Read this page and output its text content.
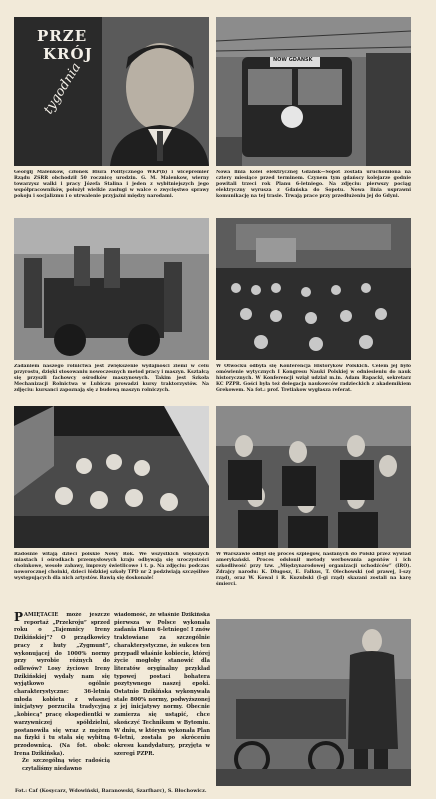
PRZE
KRÓJ
tygodnia
NOW GDANSK
Georgij Malenkow, członek Biura Politycznego WKP(b) i wicepremier Rządu ZSRR obchodził 50 rocznicę urodzin. G. M. Malenkow, wierny towarzysz walki i pracy Józefa Stalina i jeden z wybitniejszych jego współpracowników, położył wielkie zasługi w walce o zwycięstwo sprawy pokoju i socjalizmu i o utrwalenie przyjaźni między narodami.
Nowa linia kolei elektrycznej Gdańsk—Sopot została uruchomiona na cztery miesiące przed terminem. Czynem tym gdańscy kolejarze godnie powitali trzeci rok Planu 6-letniego. Na zdjęciu: pierwszy pociąg elektryczny wyrusza z Gdańska do Sopotu. Nowa linia usprawni komunikację na tej trasie. Trwają prace przy przedłużeniu jej do Gdyni.
Zadaniem naszego rolnictwa jest zwiększenie wydajności ziemi w celu przyrostu, dzięki stosowaniu nowoczesnych metod pracy i maszyn. Kształcą się przyszli fachowcy ośrodków maszynowych. Takim jest Szkoła Mechanizacji Rolnictwa w Lubiczu prowadzi kursy traktorzystów. Na zdjęciu: kursanci zapoznają się z budową maszyn rolniczych.
W Otwocku odbyła się Konferencja Historyków Polskich. Celem jej było omówienie wytycznych I Kongresu Nauki Polskiej w odniesieniu do nauk historycznych. W Konferencji wziął udział m.in. Adam Rapacki, sekretarz KC PZPR. Gości była też delegacja naukowców radzieckich z akademikiem Grekowem. Na fot.: prof. Tretiakow wygłasza referat.
Radośnie witają dzieci polskie Nowy Rok. We wszystkich większych miastach i ośrodkach przemysłowych kraju odbywają się uroczystości choinkowe, wesołe zabawy, imprezy świetlicowe i t. p. Na zdjęciu: podczas noworocznej choinki, dzieci łódzkiej szkoły TPD nr 2 podziwiają szczęśliwe występujących dla nich artystów. Bawią się doskonale!
W Warszawie odbył się proces szpiegów, nasłanych do Polski przez wywiad amerykański. Proces odsłonił metody werbowania agentów i ich szkodliwość przy tzw. „Międzynarodowej organizacji uchodźców” (IRO). Zdrajcy narodu: K. Długosz, E. Fałkus, T. Olechowski (od prawej, I-szy rząd), oraz W. Kowal i R. Kuzubski (I-gi rząd) skazani zostali na karę śmierci.
P AMIĘTACIE może jeszcze reportaż „Przekroju” sprzed roku o „Tajemnicy Ireny Dzikińskiej”? O prządkowicy pracy z huty „Zygmunt”, wykonującej do 1000% normy przy wyrobie różnych do odlewów? Losy życiowe Ireny Dzikińskiej wydały nam się wyjątkowo ogólnie charakterystyczne: 36-letnia młoda kobieta z własnej inicjatywy porzuciła tradycyjną „kobiecą” pracę ekspedientki w warzywniczej spółdzielni, postanowiła się wraz z mężem na fizyki i tu stała się wybitną przodownicą. (Na fot. obok: Irena Dzikińska).
Że szczególną więc radością czytaliśmy niedawno
wiadomość, że właśnie Dzikińska pierwsza w Polsce wykonała zadania Planu 6-letniego! I znów traktowiane za szczególnie charakterystyczne, że sukces ten przypadł właśnie kobiecie, której życie mogłoby stanowić dla literatów oryginalny przykład typowej postaci bohatera pozytywnego naszej epoki. Ostatnio Dzikińska wykonywała stale 800% normy, podwyższonej z jej inicjatywy normy. Obecnie zamierza się ustąpić, chce skończyć Technikum w Bytomiu. W dniu, w którym wykonała Plan 6-letni, została po skróceniu okresu kandydatury, przyjęta w szeregi PZPR.
Fot.: Caf (Kosycarz, Wdowiński, Baranowski, Szarfharc), S. Błochowicz.
